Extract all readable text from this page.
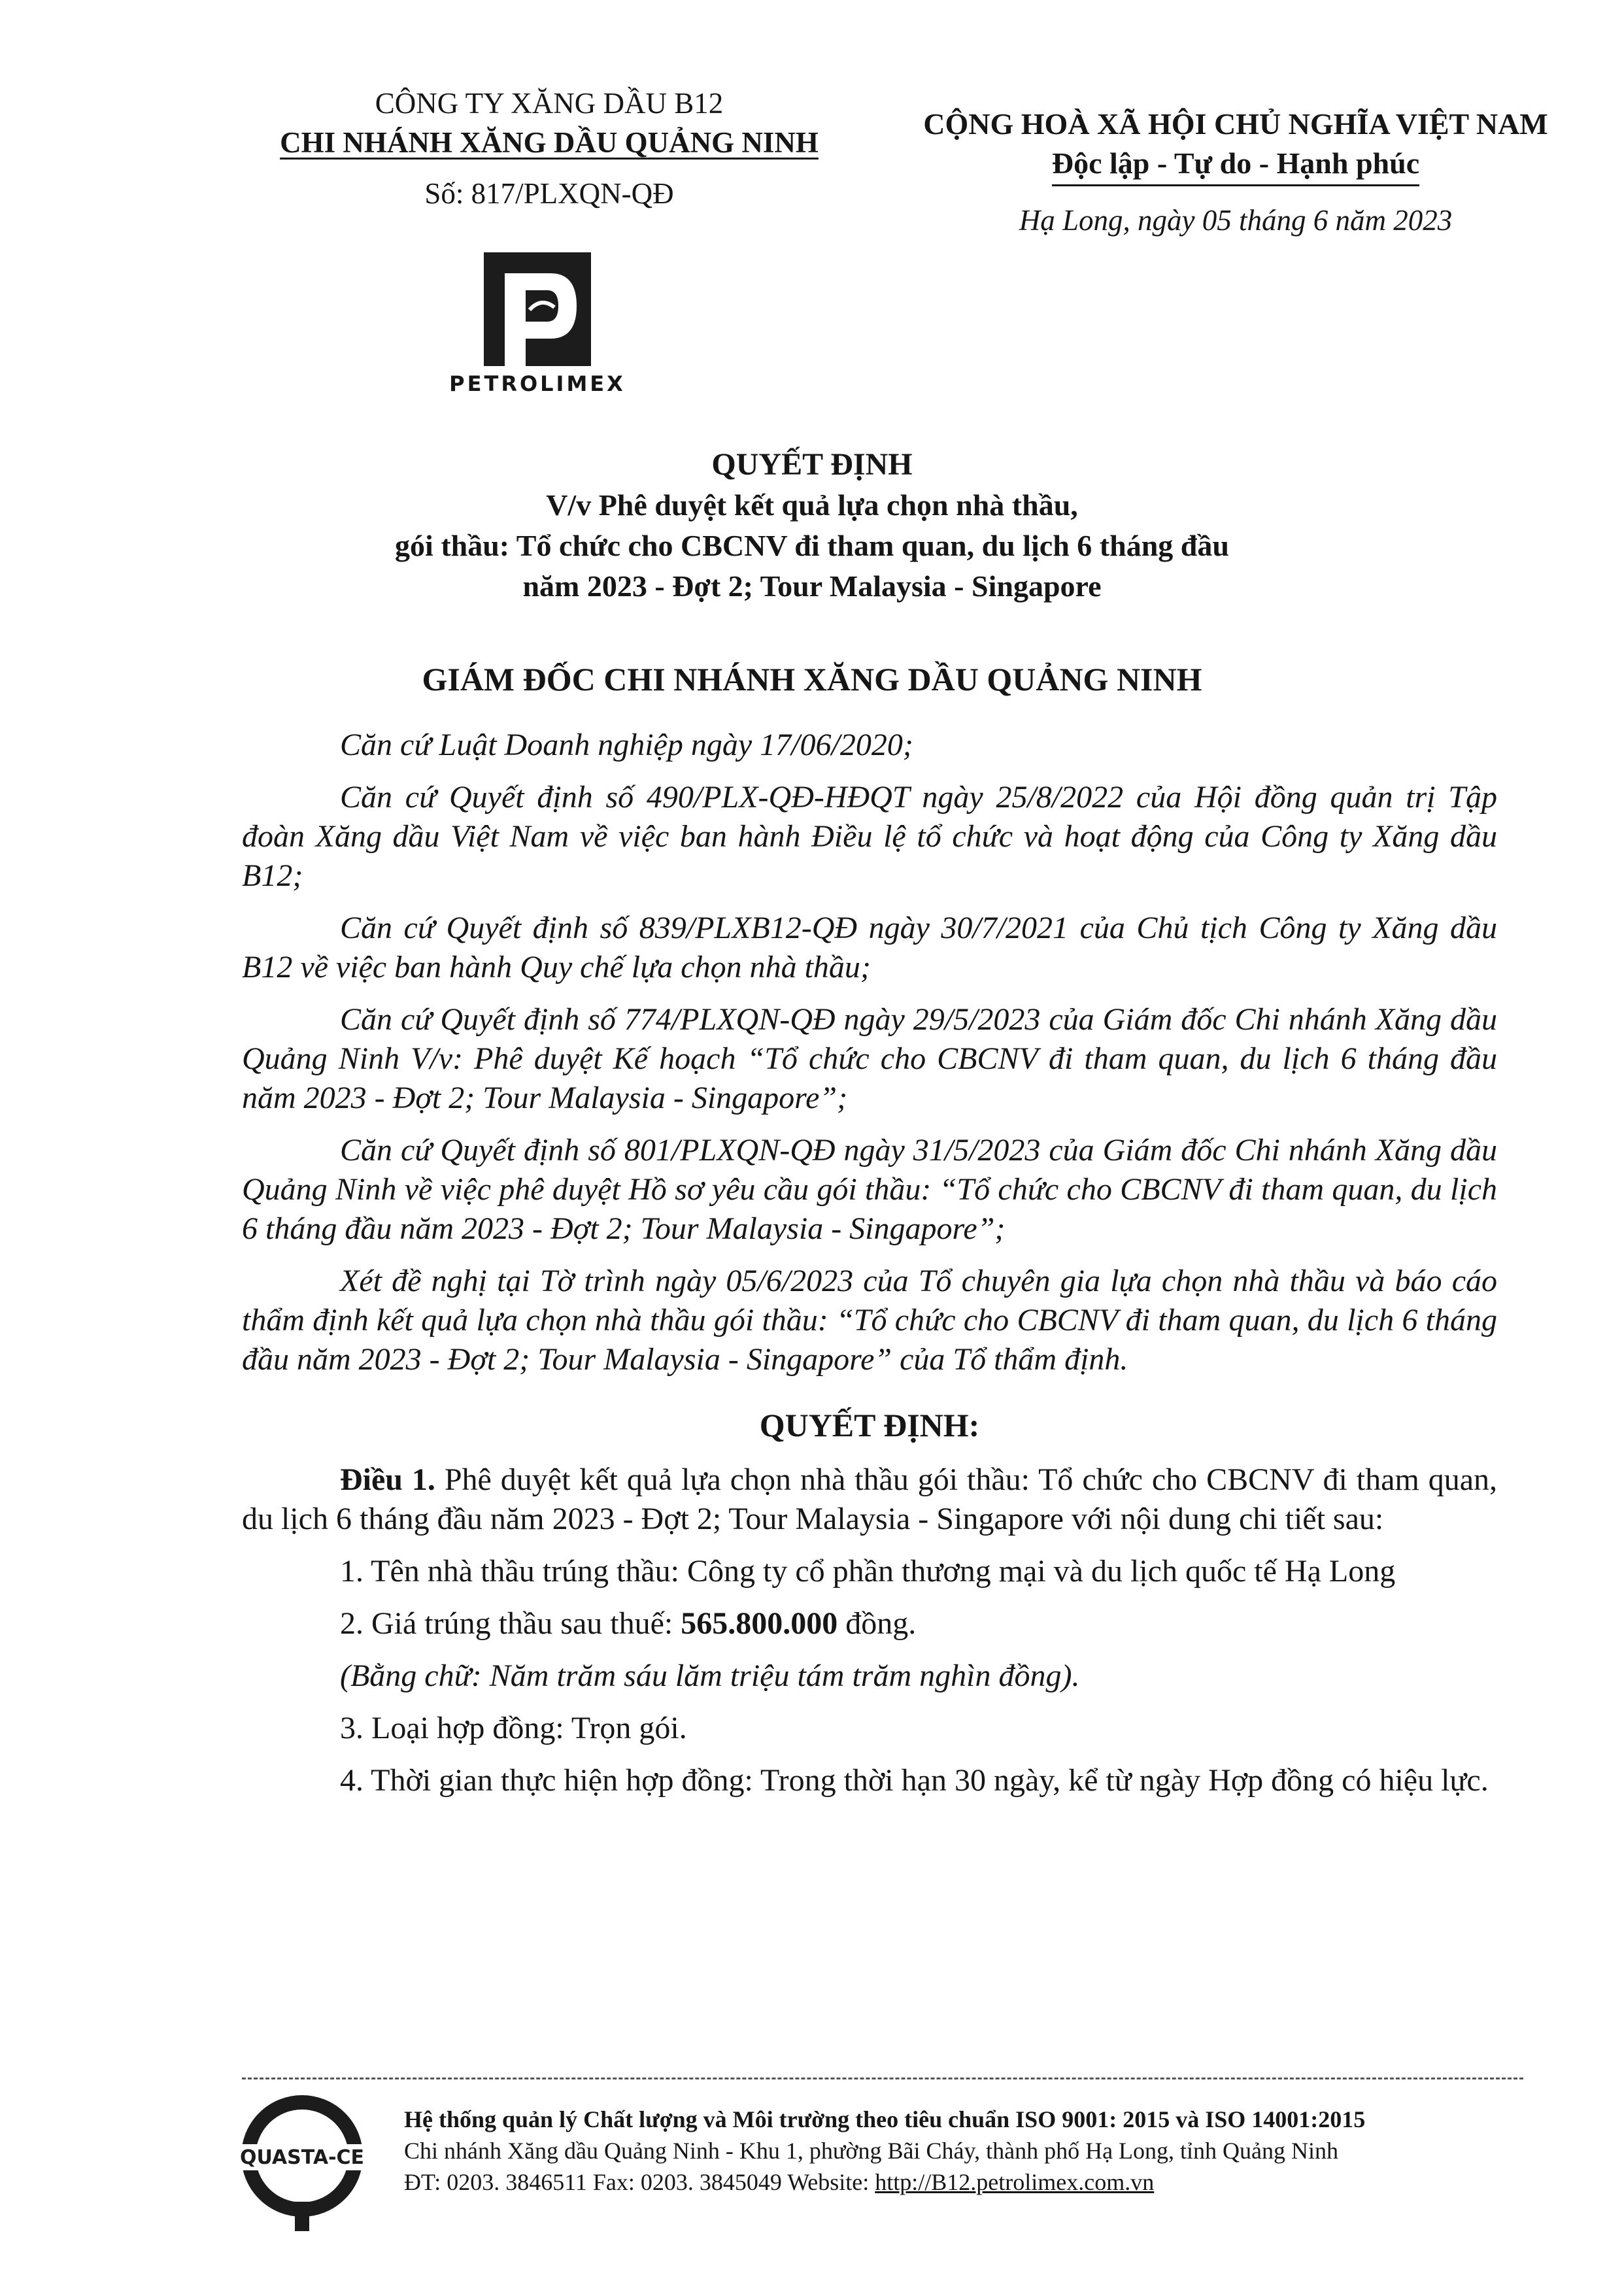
CÔNG TY XĂNG DẦU B12
CHI NHÁNH XĂNG DẦU QUẢNG NINH
Số: 817/PLXQN-QĐ
PETROLIMEX
CỘNG HOÀ XÃ HỘI CHỦ NGHĨA VIỆT NAM
Độc lập - Tự do - Hạnh phúc
Hạ Long, ngày 05 tháng 6 năm 2023
QUYẾT ĐỊNH
V/v Phê duyệt kết quả lựa chọn nhà thầu,
gói thầu: Tổ chức cho CBCNV đi tham quan, du lịch 6 tháng đầu
năm 2023 - Đợt 2; Tour Malaysia - Singapore
GIÁM ĐỐC CHI NHÁNH XĂNG DẦU QUẢNG NINH

Căn cứ Luật Doanh nghiệp ngày 17/06/2020;

Căn cứ Quyết định số 490/PLX-QĐ-HĐQT ngày 25/8/2022 của Hội đồng quản trị Tập đoàn Xăng dầu Việt Nam về việc ban hành Điều lệ tổ chức và hoạt động của Công ty Xăng dầu B12;

Căn cứ Quyết định số 839/PLXB12-QĐ ngày 30/7/2021 của Chủ tịch Công ty Xăng dầu B12 về việc ban hành Quy chế lựa chọn nhà thầu;

Căn cứ Quyết định số 774/PLXQN-QĐ ngày 29/5/2023 của Giám đốc Chi nhánh Xăng dầu Quảng Ninh V/v: Phê duyệt Kế hoạch “Tổ chức cho CBCNV đi tham quan, du lịch 6 tháng đầu năm 2023 - Đợt 2; Tour Malaysia - Singapore”;

Căn cứ Quyết định số 801/PLXQN-QĐ ngày 31/5/2023 của Giám đốc Chi nhánh Xăng dầu Quảng Ninh về việc phê duyệt Hồ sơ yêu cầu gói thầu: “Tổ chức cho CBCNV đi tham quan, du lịch 6 tháng đầu năm 2023 - Đợt 2; Tour Malaysia - Singapore”;

Xét đề nghị tại Tờ trình ngày 05/6/2023 của Tổ chuyên gia lựa chọn nhà thầu và báo cáo thẩm định kết quả lựa chọn nhà thầu gói thầu: “Tổ chức cho CBCNV đi tham quan, du lịch 6 tháng đầu năm 2023 - Đợt 2; Tour Malaysia - Singapore” của Tổ thẩm định.

QUYẾT ĐỊNH:

Điều 1. Phê duyệt kết quả lựa chọn nhà thầu gói thầu: Tổ chức cho CBCNV đi tham quan, du lịch 6 tháng đầu năm 2023 - Đợt 2; Tour Malaysia - Singapore với nội dung chi tiết sau:

1. Tên nhà thầu trúng thầu: Công ty cổ phần thương mại và du lịch quốc tế Hạ Long

2. Giá trúng thầu sau thuế: 565.800.000 đồng.

(Bằng chữ: Năm trăm sáu lăm triệu tám trăm nghìn đồng).

3. Loại hợp đồng: Trọn gói.

4. Thời gian thực hiện hợp đồng: Trong thời hạn 30 ngày, kể từ ngày Hợp đồng có hiệu lực.

QUASTA-CE
Hệ thống quản lý Chất lượng và Môi trường theo tiêu chuẩn ISO 9001: 2015 và ISO 14001:2015
Chi nhánh Xăng dầu Quảng Ninh - Khu 1, phường Bãi Cháy, thành phố Hạ Long, tỉnh Quảng Ninh
ĐT: 0203. 3846511 Fax: 0203. 3845049 Website: http://B12.petrolimex.com.vn
